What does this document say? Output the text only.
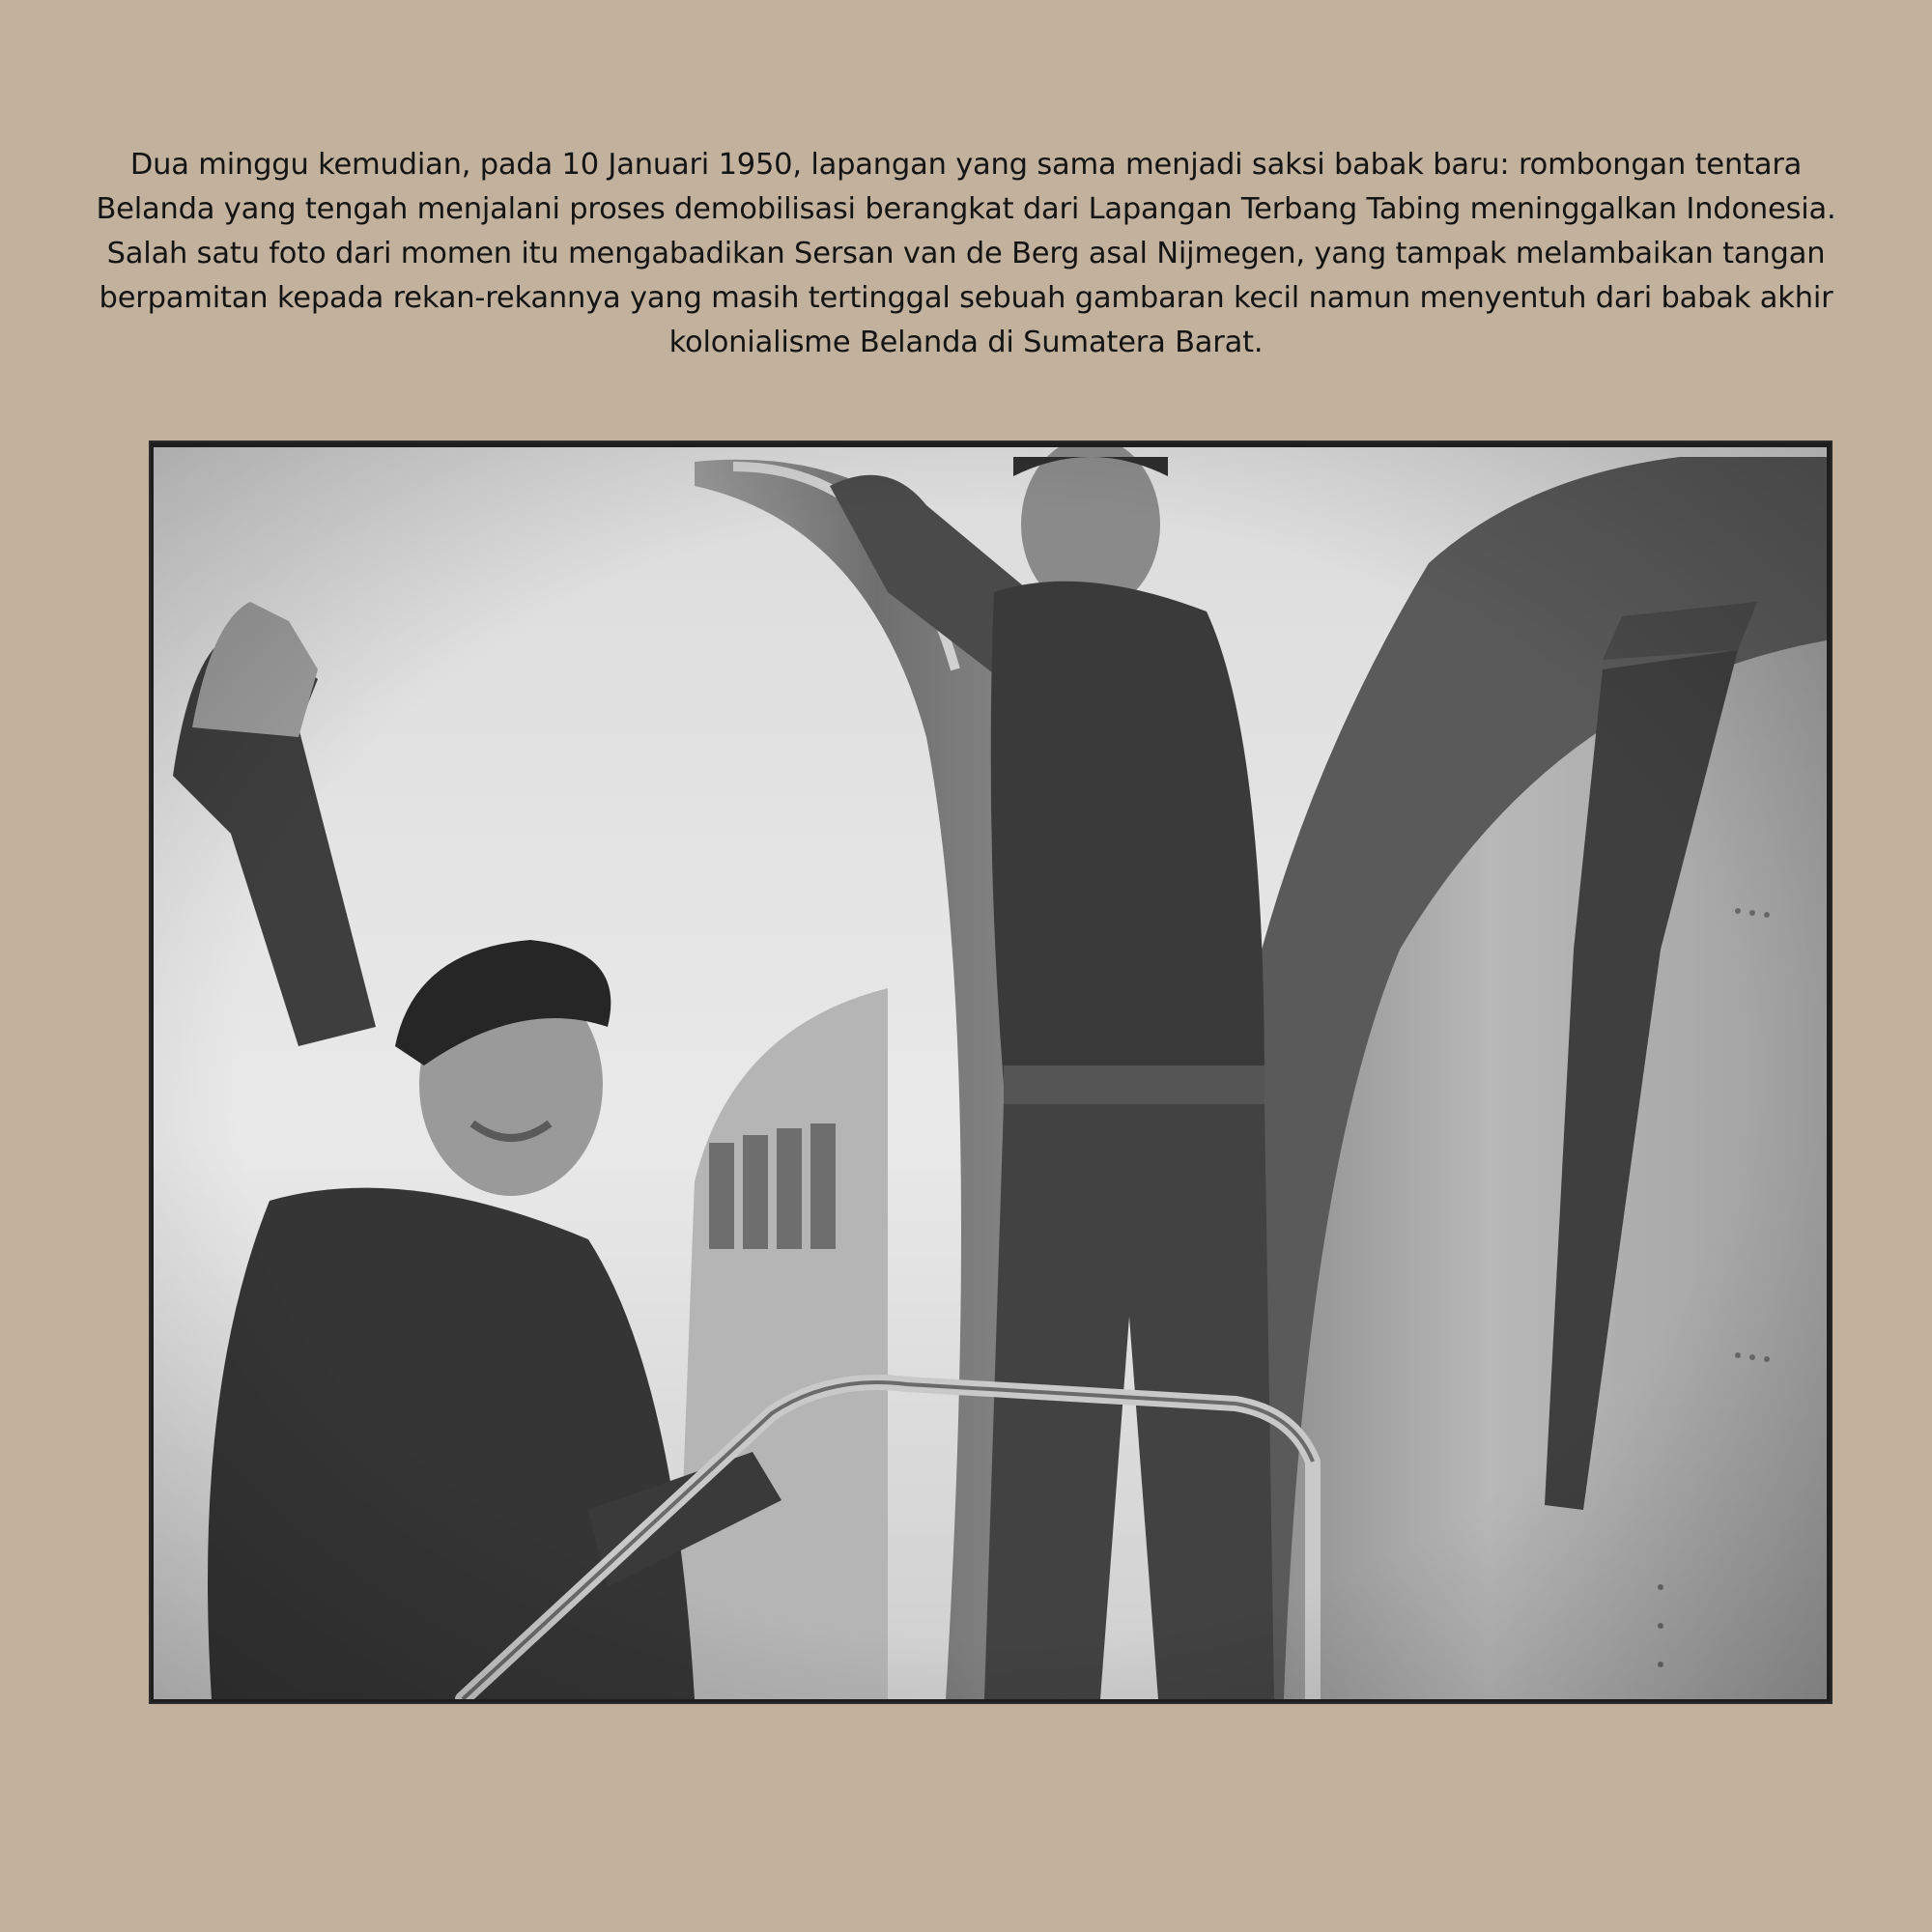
Dua minggu kemudian, pada 10 Januari 1950, lapangan yang sama menjadi saksi babak baru: rombongan tentara Belanda yang tengah menjalani proses demobilisasi berangkat dari Lapangan Terbang Tabing meninggalkan Indonesia. Salah satu foto dari momen itu mengabadikan Sersan van de Berg asal Nijmegen, yang tampak melambaikan tangan berpamitan kepada rekan-rekannya yang masih tertinggal sebuah gambaran kecil namun menyentuh dari babak akhir kolonialisme Belanda di Sumatera Barat.
